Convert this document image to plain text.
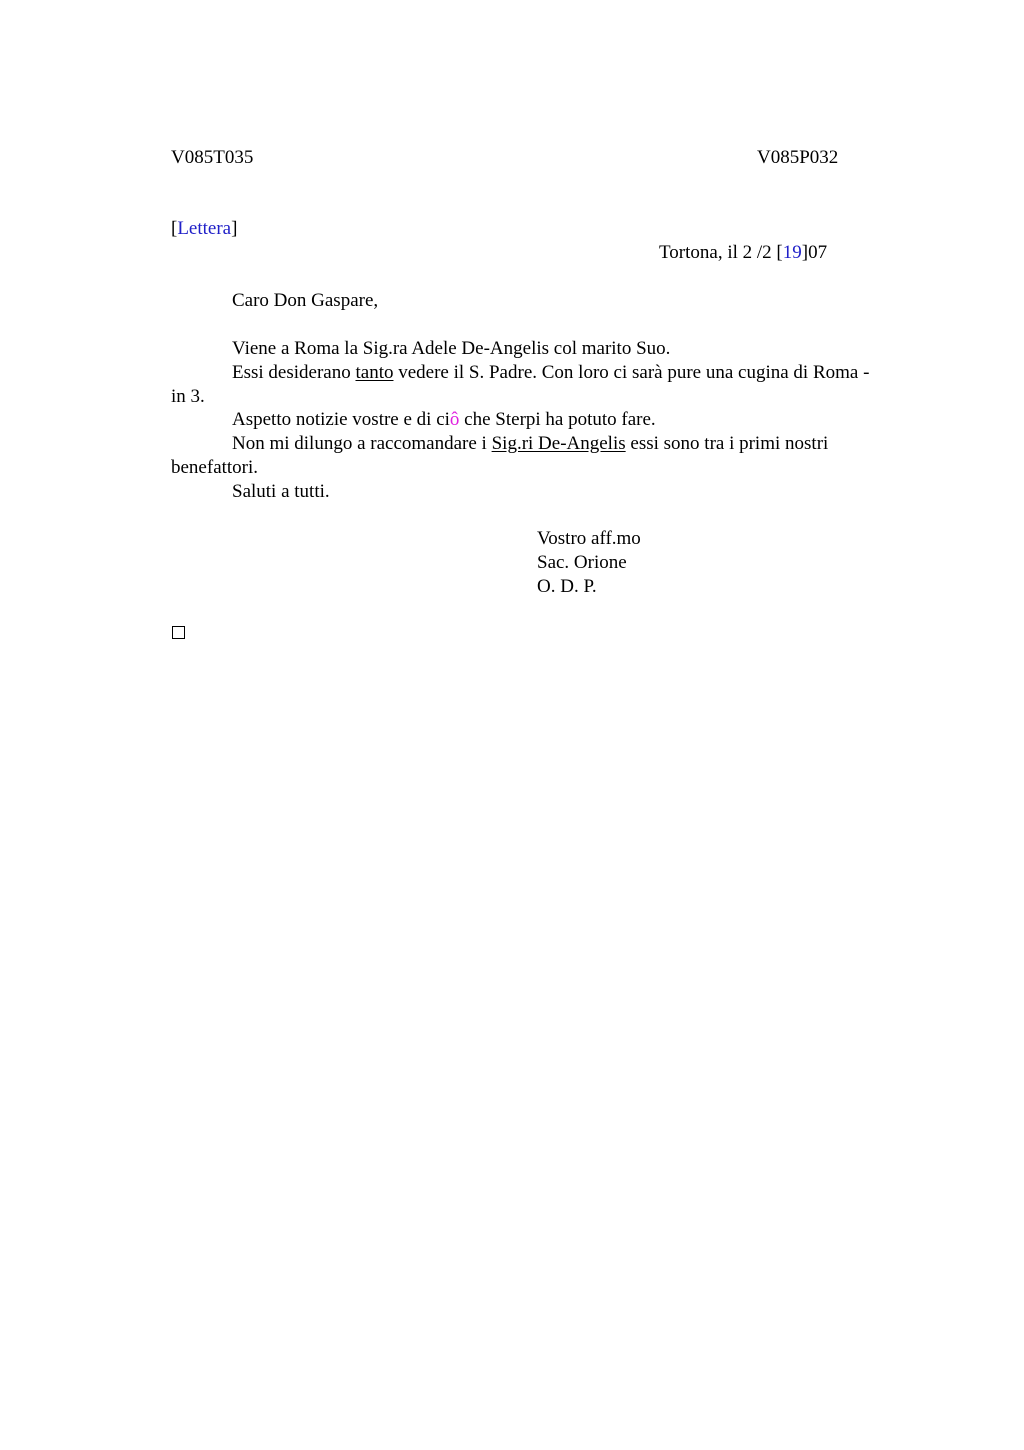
V085T035	V085P032
[Lettera]
Tortona, il 2 /2 [19]07
Caro Don Gaspare,
Viene a Roma la Sig.ra Adele De-Angelis col marito Suo.
Essi desiderano tanto vedere il S. Padre. Con loro ci sarà pure una cugina di Roma -
in 3.
Aspetto notizie vostre e di ciô che Sterpi ha potuto fare.
Non mi dilungo a raccomandare i Sig.ri De-Angelis essi sono tra i primi nostri
benefattori.
Saluti a tutti.
Vostro aff.mo
Sac. Orione
O. D. P.
